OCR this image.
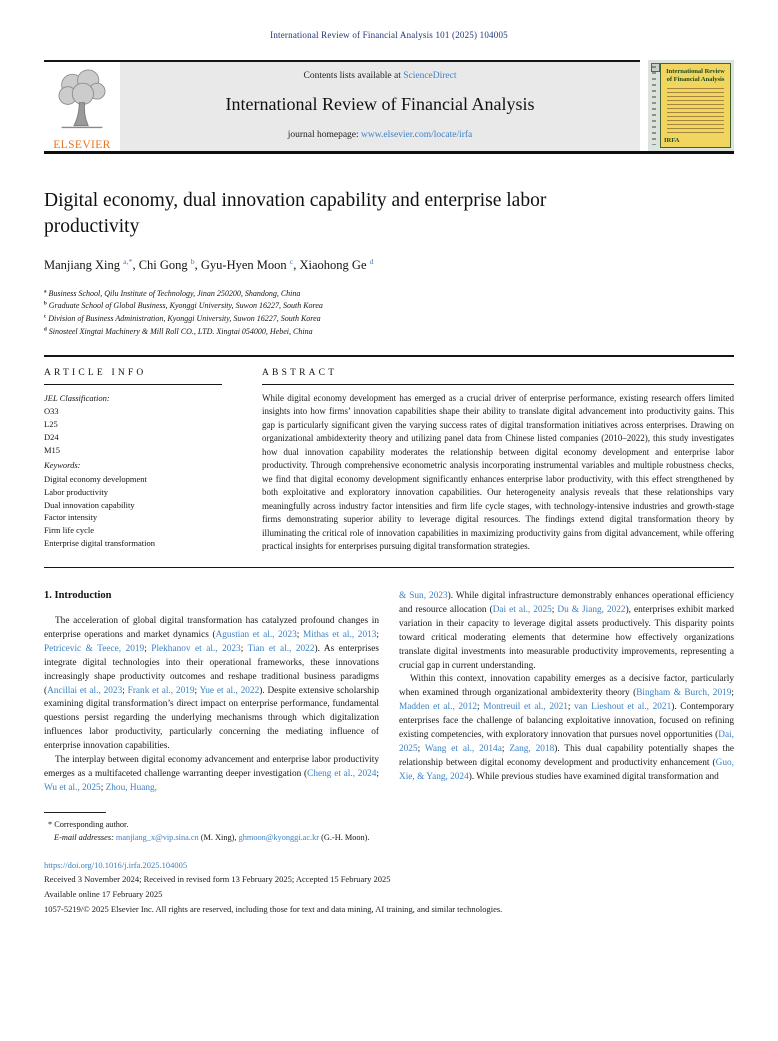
International Review of Financial Analysis 101 (2025) 104005
ELSEVIER
Contents lists available at ScienceDirect
International Review of Financial Analysis
journal homepage: www.elsevier.com/locate/irfa
International Review of Financial Analysis
IRFA
Digital economy, dual innovation capability and enterprise labor productivity
Manjiang Xing $^{a,*}$, Chi Gong $^b$, Gyu-Hyen Moon $^c$, Xiaohong Ge $^d$
$^a$ Business School, Qilu Institute of Technology, Jinan 250200, Shandong, China
$^b$ Graduate School of Global Business, Kyonggi University, Suwon 16227, South Korea
$^c$ Division of Business Administration, Kyonggi University, Suwon 16227, South Korea
$^d$ Sinosteel Xingtai Machinery & Mill Roll CO., LTD. Xingtai 054000, Hebei, China
ARTICLE INFO
JEL Classification:
O33
L25
D24
M15
Keywords:
Digital economy development
Labor productivity
Dual innovation capability
Factor intensity
Firm life cycle
Enterprise digital transformation
ABSTRACT
While digital economy development has emerged as a crucial driver of enterprise performance, existing research offers limited insights into how firms’ innovation capabilities shape their ability to translate digital advancement into productivity gains. This gap is particularly significant given the varying success rates of digital transformation initiatives across enterprises. Drawing on organizational ambidexterity theory and utilizing panel data from Chinese listed companies (2010–2022), this study investigates how dual innovation capability moderates the relationship between digital economy development and enterprise labor productivity. Through comprehensive econometric analysis incorporating instrumental variables and multiple robustness checks, we find that digital economy development significantly enhances enterprise labor productivity, with this effect strengthened by both exploitative and exploratory innovation capabilities. Our heterogeneity analysis reveals that these relationships vary meaningfully across industry factor intensities and firm life cycle stages, with technology-intensive industries and growth-stage firms demonstrating superior ability to leverage digital resources. The findings extend digital transformation theory by illuminating the critical role of innovation capabilities in maximizing productivity gains from digital advancement, while offering practical insights for enterprises pursuing digital transformation strategies.
1. Introduction

The acceleration of global digital transformation has catalyzed profound changes in enterprise operations and market dynamics (Agustian et al., 2023; Mithas et al., 2013; Petricevic & Teece, 2019; Plekhanov et al., 2023; Tian et al., 2022). As enterprises integrate digital technologies into their operational frameworks, these innovations increasingly shape productivity outcomes and reshape traditional business paradigms (Ancillai et al., 2023; Frank et al., 2019; Yue et al., 2022). Despite extensive scholarship examining digital transformation’s direct impact on enterprise performance, fundamental questions persist regarding the underlying mechanisms through which digitalization influences labor productivity, particularly concerning the mediating influence of enterprise innovation capabilities.

The interplay between digital economy advancement and enterprise labor productivity emerges as a multifaceted challenge warranting deeper investigation (Cheng et al., 2024; Wu et al., 2025; Zhou, Huang,

& Sun, 2023). While digital infrastructure demonstrably enhances operational efficiency and resource allocation (Dai et al., 2025; Du & Jiang, 2022), enterprises exhibit marked variation in their capacity to leverage digital assets productively. This disparity points toward critical moderating elements that determine how effectively organizations translate digital investments into measurable productivity improvements, representing a crucial gap in current understanding.

Within this context, innovation capability emerges as a decisive factor, particularly when examined through organizational ambidexterity theory (Bingham & Burch, 2019; Madden et al., 2012; Montreuil et al., 2021; van Lieshout et al., 2021). Contemporary enterprises face the challenge of balancing exploitative innovation, focused on refining existing competencies, with exploratory innovation that pursues novel opportunities (Dai, 2025; Wang et al., 2014a; Zang, 2018). This dual capability potentially shapes the relationship between digital economy development and productivity enhancement (Guo, Xie, & Yang, 2024). While previous studies have examined digital transformation and

* Corresponding author.
E-mail addresses: manjiang_x@vip.sina.cn (M. Xing), ghmoon@kyonggi.ac.kr (G.-H. Moon).
https://doi.org/10.1016/j.irfa.2025.104005
Received 3 November 2024; Received in revised form 13 February 2025; Accepted 15 February 2025
Available online 17 February 2025
1057-5219/© 2025 Elsevier Inc. All rights are reserved, including those for text and data mining, AI training, and similar technologies.
